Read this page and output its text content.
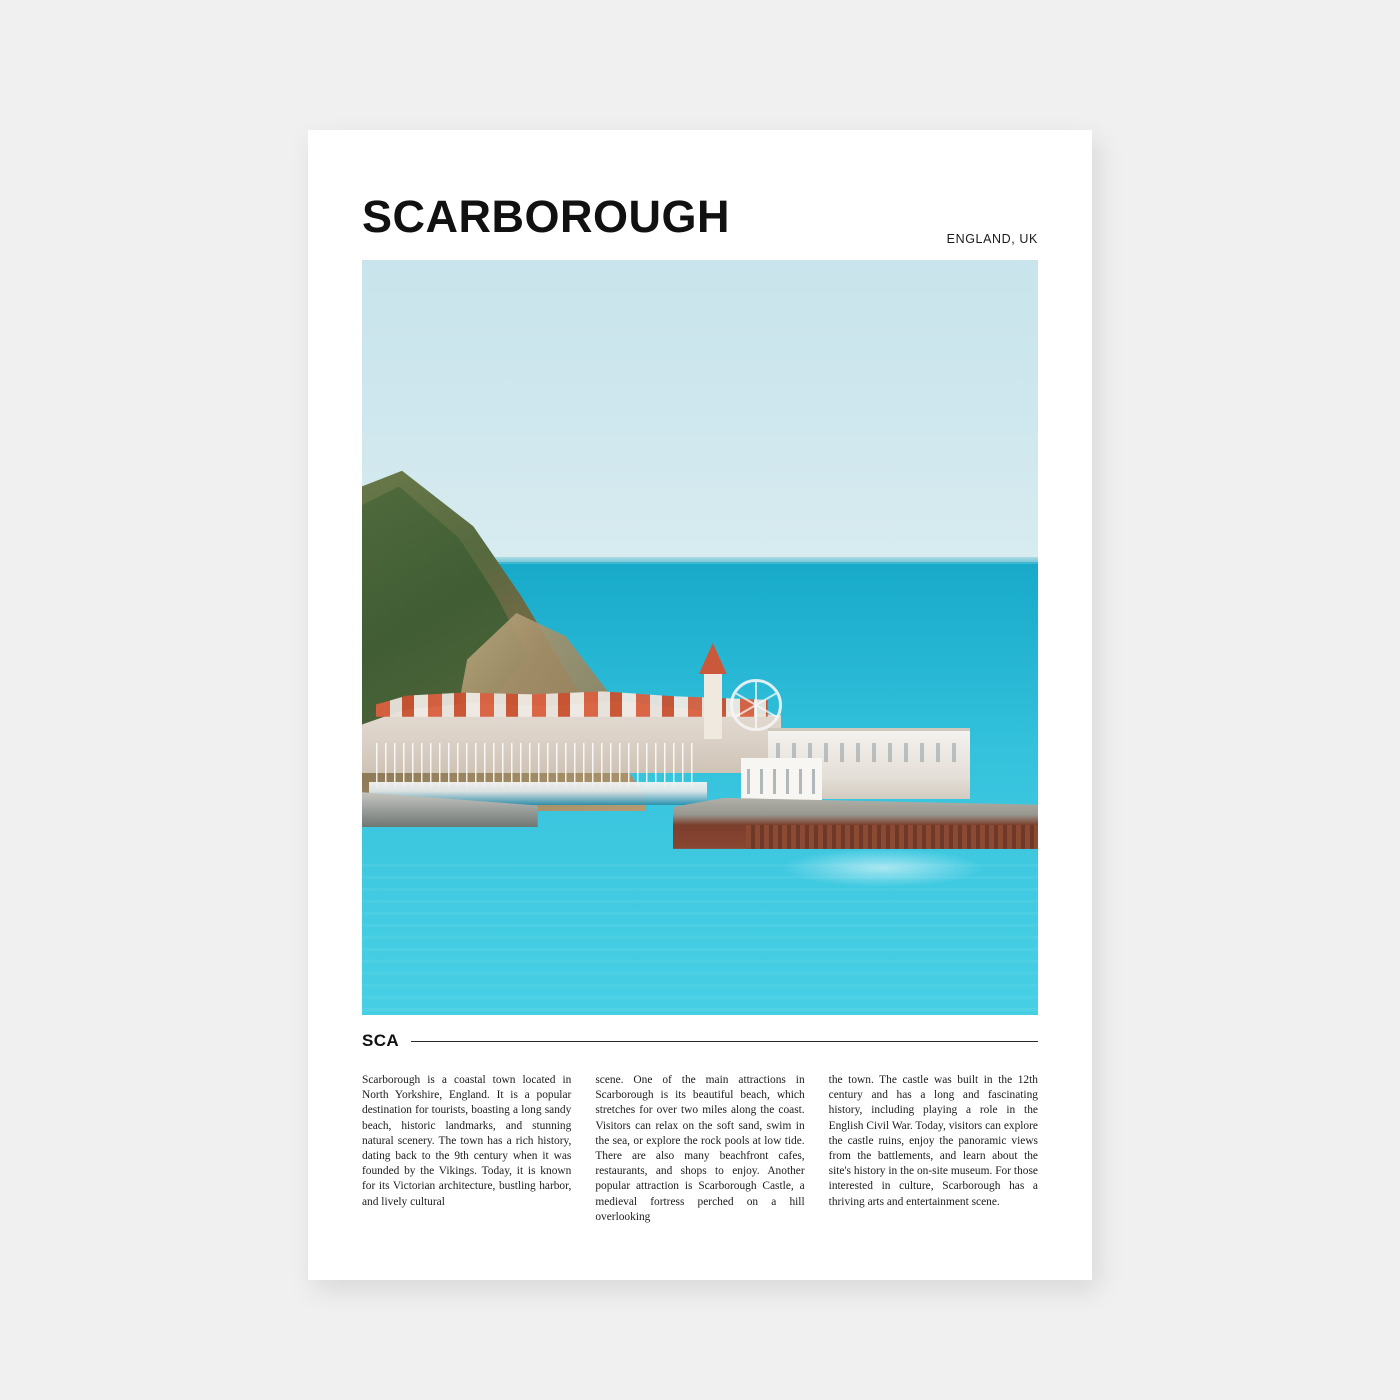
SCARBOROUGH	ENGLAND, UK
SCA
Scarborough is a coastal town located in North Yorkshire, England. It is a popular destination for tourists, boasting a long sandy beach, historic landmarks, and stunning natural scenery. The town has a rich history, dating back to the 9th century when it was founded by the Vikings. Today, it is known for its Victorian architecture, bustling harbor, and lively cultural
scene. One of the main attractions in Scarborough is its beautiful beach, which stretches for over two miles along the coast. Visitors can relax on the soft sand, swim in the sea, or explore the rock pools at low tide. There are also many beachfront cafes, restaurants, and shops to enjoy. Another popular attraction is Scarborough Castle, a medieval fortress perched on a hill overlooking
the town. The castle was built in the 12th century and has a long and fascinating history, including playing a role in the English Civil War. Today, visitors can explore the castle ruins, enjoy the panoramic views from the battlements, and learn about the site's history in the on-site museum. For those interested in culture, Scarborough has a thriving arts and entertainment scene.
